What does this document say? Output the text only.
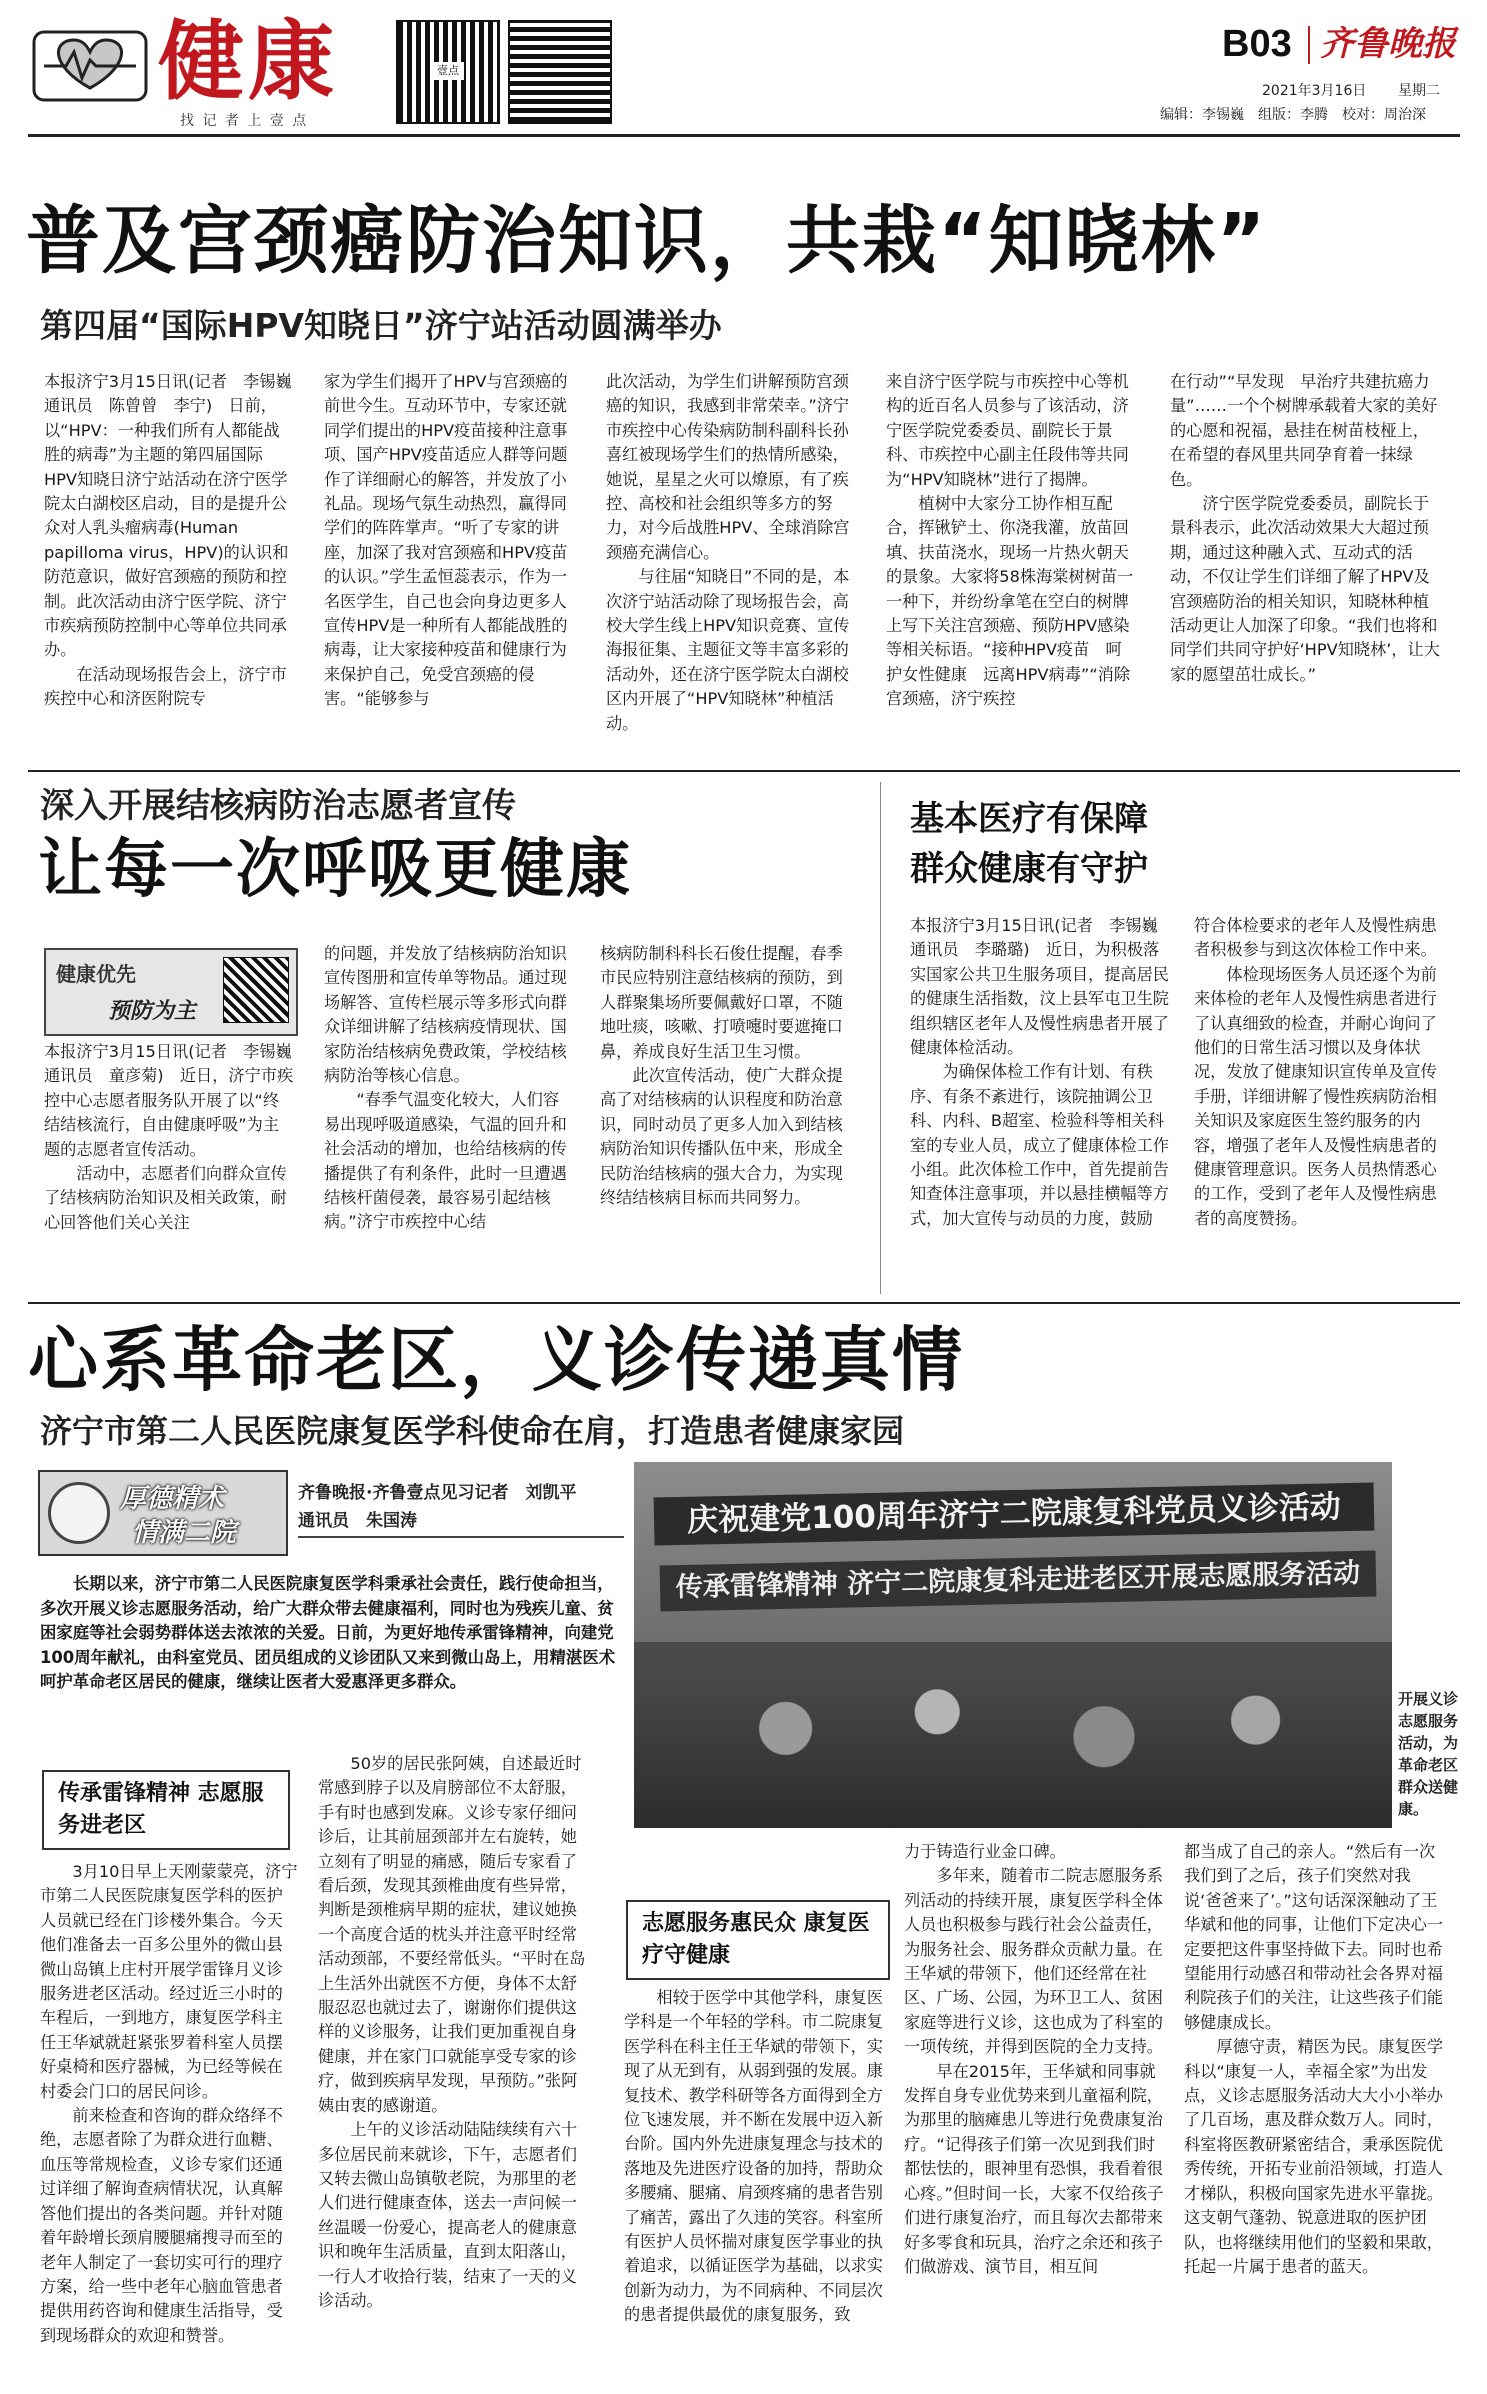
健康
找 记 者 上 壹 点
壹点
B03 齐鲁晚报
2021年3月16日 星期二
编辑：李锡巍　组版：李腾　校对：周治深
普及宫颈癌防治知识，共栽“知晓林”
第四届“国际HPV知晓日”济宁站活动圆满举办

本报济宁3月15日讯(记者　李锡巍　通讯员　陈曾曾　李宁)　日前，以“HPV：一种我们所有人都能战胜的病毒”为主题的第四届国际HPV知晓日济宁站活动在济宁医学院太白湖校区启动，目的是提升公众对人乳头瘤病毒(Human papilloma virus，HPV)的认识和防范意识，做好宫颈癌的预防和控制。此次活动由济宁医学院、济宁市疾病预防控制中心等单位共同承办。

在活动现场报告会上，济宁市疾控中心和济医附院专

家为学生们揭开了HPV与宫颈癌的前世今生。互动环节中，专家还就同学们提出的HPV疫苗接种注意事项、国产HPV疫苗适应人群等问题作了详细耐心的解答，并发放了小礼品。现场气氛生动热烈，赢得同学们的阵阵掌声。“听了专家的讲座，加深了我对宫颈癌和HPV疫苗的认识。”学生孟恒蕊表示，作为一名医学生，自己也会向身边更多人宣传HPV是一种所有人都能战胜的病毒，让大家接种疫苗和健康行为来保护自己，免受宫颈癌的侵害。“能够参与

此次活动，为学生们讲解预防宫颈癌的知识，我感到非常荣幸。”济宁市疾控中心传染病防制科副科长孙喜红被现场学生们的热情所感染，她说，星星之火可以燎原，有了疾控、高校和社会组织等多方的努力，对今后战胜HPV、全球消除宫颈癌充满信心。

与往届“知晓日”不同的是，本次济宁站活动除了现场报告会，高校大学生线上HPV知识竞赛、宣传海报征集、主题征文等丰富多彩的活动外，还在济宁医学院太白湖校区内开展了“HPV知晓林”种植活动。

来自济宁医学院与市疾控中心等机构的近百名人员参与了该活动，济宁医学院党委委员、副院长于景科、市疾控中心副主任段伟等共同为“HPV知晓林”进行了揭牌。

植树中大家分工协作相互配合，挥锹铲土、你浇我灌，放苗回填、扶苗浇水，现场一片热火朝天的景象。大家将58株海棠树树苗一一种下，并纷纷拿笔在空白的树牌上写下关注宫颈癌、预防HPV感染等相关标语。“接种HPV疫苗　呵护女性健康　远离HPV病毒”“消除宫颈癌，济宁疾控

在行动”“早发现　早治疗共建抗癌力量”……一个个树牌承载着大家的美好的心愿和祝福，悬挂在树苗枝桠上，在希望的春风里共同孕育着一抹绿色。

济宁医学院党委委员，副院长于景科表示，此次活动效果大大超过预期，通过这种融入式、互动式的活动，不仅让学生们详细了解了HPV及宫颈癌防治的相关知识，知晓林种植活动更让人加深了印象。“我们也将和同学们共同守护好‘HPV知晓林’，让大家的愿望茁壮成长。”

深入开展结核病防治志愿者宣传
让每一次呼吸更健康
健康优先
预防为主

本报济宁3月15日讯(记者　李锡巍　通讯员　童彦菊)　近日，济宁市疾控中心志愿者服务队开展了以“终结结核流行，自由健康呼吸”为主题的志愿者宣传活动。

活动中，志愿者们向群众宣传了结核病防治知识及相关政策，耐心回答他们关心关注

的问题，并发放了结核病防治知识宣传图册和宣传单等物品。通过现场解答、宣传栏展示等多形式向群众详细讲解了结核病疫情现状、国家防治结核病免费政策，学校结核病防治等核心信息。

“春季气温变化较大，人们容易出现呼吸道感染，气温的回升和社会活动的增加，也给结核病的传播提供了有利条件，此时一旦遭遇结核杆菌侵袭，最容易引起结核病。”济宁市疾控中心结

核病防制科科长石俊仕提醒，春季市民应特别注意结核病的预防，到人群聚集场所要佩戴好口罩，不随地吐痰，咳嗽、打喷嚏时要遮掩口鼻，养成良好生活卫生习惯。

此次宣传活动，使广大群众提高了对结核病的认识程度和防治意识，同时动员了更多人加入到结核病防治知识传播队伍中来，形成全民防治结核病的强大合力，为实现终结结核病目标而共同努力。

基本医疗有保障
群众健康有守护

本报济宁3月15日讯(记者　李锡巍　通讯员　李璐璐)　近日，为积极落实国家公共卫生服务项目，提高居民的健康生活指数，汶上县军屯卫生院组织辖区老年人及慢性病患者开展了健康体检活动。

为确保体检工作有计划、有秩序、有条不紊进行，该院抽调公卫科、内科、B超室、检验科等相关科室的专业人员，成立了健康体检工作小组。此次体检工作中，首先提前告知查体注意事项，并以悬挂横幅等方式，加大宣传与动员的力度，鼓励

符合体检要求的老年人及慢性病患者积极参与到这次体检工作中来。

体检现场医务人员还逐个为前来体检的老年人及慢性病患者进行了认真细致的检查，并耐心询问了他们的日常生活习惯以及身体状况，发放了健康知识宣传单及宣传手册，详细讲解了慢性疾病防治相关知识及家庭医生签约服务的内容，增强了老年人及慢性病患者的健康管理意识。医务人员热情悉心的工作，受到了老年人及慢性病患者的高度赞扬。

心系革命老区，义诊传递真情
济宁市第二人民医院康复医学科使命在肩，打造患者健康家园
厚德精术
情满二院
齐鲁晚报·齐鲁壹点见习记者　刘凯平
通讯员　朱国涛
长期以来，济宁市第二人民医院康复医学科秉承社会责任，践行使命担当，多次开展义诊志愿服务活动，给广大群众带去健康福利，同时也为残疾儿童、贫困家庭等社会弱势群体送去浓浓的关爱。日前，为更好地传承雷锋精神，向建党100周年献礼，由科室党员、团员组成的义诊团队又来到微山岛上，用精湛医术呵护革命老区居民的健康，继续让医者大爱惠泽更多群众。
庆祝建党100周年济宁二院康复科党员义诊活动
传承雷锋精神 济宁二院康复科走进老区开展志愿服务活动
开展义诊志愿服务活动，为革命老区群众送健康。
传承雷锋精神 志愿服务进老区

3月10日早上天刚蒙蒙亮，济宁市第二人民医院康复医学科的医护人员就已经在门诊楼外集合。今天他们准备去一百多公里外的微山县微山岛镇上庄村开展学雷锋月义诊服务进老区活动。经过近三小时的车程后，一到地方，康复医学科主任王华斌就赶紧张罗着科室人员摆好桌椅和医疗器械，为已经等候在村委会门口的居民问诊。

前来检查和咨询的群众络绎不绝，志愿者除了为群众进行血糖、血压等常规检查，义诊专家们还通过详细了解询查病情状况，认真解答他们提出的各类问题。并针对随着年龄增长颈肩腰腿痛搜寻而至的老年人制定了一套切实可行的理疗方案，给一些中老年心脑血管患者提供用药咨询和健康生活指导，受到现场群众的欢迎和赞誉。

50岁的居民张阿姨，自述最近时常感到脖子以及肩膀部位不太舒服，手有时也感到发麻。义诊专家仔细问诊后，让其前屈颈部并左右旋转，她立刻有了明显的痛感，随后专家看了看后颈，发现其颈椎曲度有些异常，判断是颈椎病早期的症状，建议她换一个高度合适的枕头并注意平时经常活动颈部，不要经常低头。“平时在岛上生活外出就医不方便，身体不太舒服忍忍也就过去了，谢谢你们提供这样的义诊服务，让我们更加重视自身健康，并在家门口就能享受专家的诊疗，做到疾病早发现，早预防。”张阿姨由衷的感谢道。

上午的义诊活动陆陆续续有六十多位居民前来就诊，下午，志愿者们又转去微山岛镇敬老院，为那里的老人们进行健康查体，送去一声问候一丝温暖一份爱心，提高老人的健康意识和晚年生活质量，直到太阳落山，一行人才收拾行装，结束了一天的义诊活动。

志愿服务惠民众 康复医疗守健康

相较于医学中其他学科，康复医学科是一个年轻的学科。市二院康复医学科在科主任王华斌的带领下，实现了从无到有，从弱到强的发展。康复技术、教学科研等各方面得到全方位飞速发展，并不断在发展中迈入新台阶。国内外先进康复理念与技术的落地及先进医疗设备的加持，帮助众多腰痛、腿痛、肩颈疼痛的患者告别了痛苦，露出了久违的笑容。科室所有医护人员怀揣对康复医学事业的执着追求，以循证医学为基础，以求实创新为动力，为不同病种、不同层次的患者提供最优的康复服务，致

力于铸造行业金口碑。

多年来，随着市二院志愿服务系列活动的持续开展，康复医学科全体人员也积极参与践行社会公益责任，为服务社会、服务群众贡献力量。在王华斌的带领下，他们还经常在社区、广场、公园，为环卫工人、贫困家庭等进行义诊，这也成为了科室的一项传统，并得到医院的全力支持。

早在2015年，王华斌和同事就发挥自身专业优势来到儿童福利院，为那里的脑瘫患儿等进行免费康复治疗。“记得孩子们第一次见到我们时都怯怯的，眼神里有恐惧，我看着很心疼。”但时间一长，大家不仅给孩子们进行康复治疗，而且每次去都带来好多零食和玩具，治疗之余还和孩子们做游戏、演节目，相互间

都当成了自己的亲人。“然后有一次我们到了之后，孩子们突然对我说‘爸爸来了’。”这句话深深触动了王华斌和他的同事，让他们下定决心一定要把这件事坚持做下去。同时也希望能用行动感召和带动社会各界对福利院孩子们的关注，让这些孩子们能够健康成长。

厚德守责，精医为民。康复医学科以“康复一人，幸福全家”为出发点，义诊志愿服务活动大大小小举办了几百场，惠及群众数万人。同时，科室将医教研紧密结合，秉承医院优秀传统，开拓专业前沿领域，打造人才梯队，积极向国家先进水平靠拢。这支朝气蓬勃、锐意进取的医护团队，也将继续用他们的坚毅和果敢，托起一片属于患者的蓝天。
